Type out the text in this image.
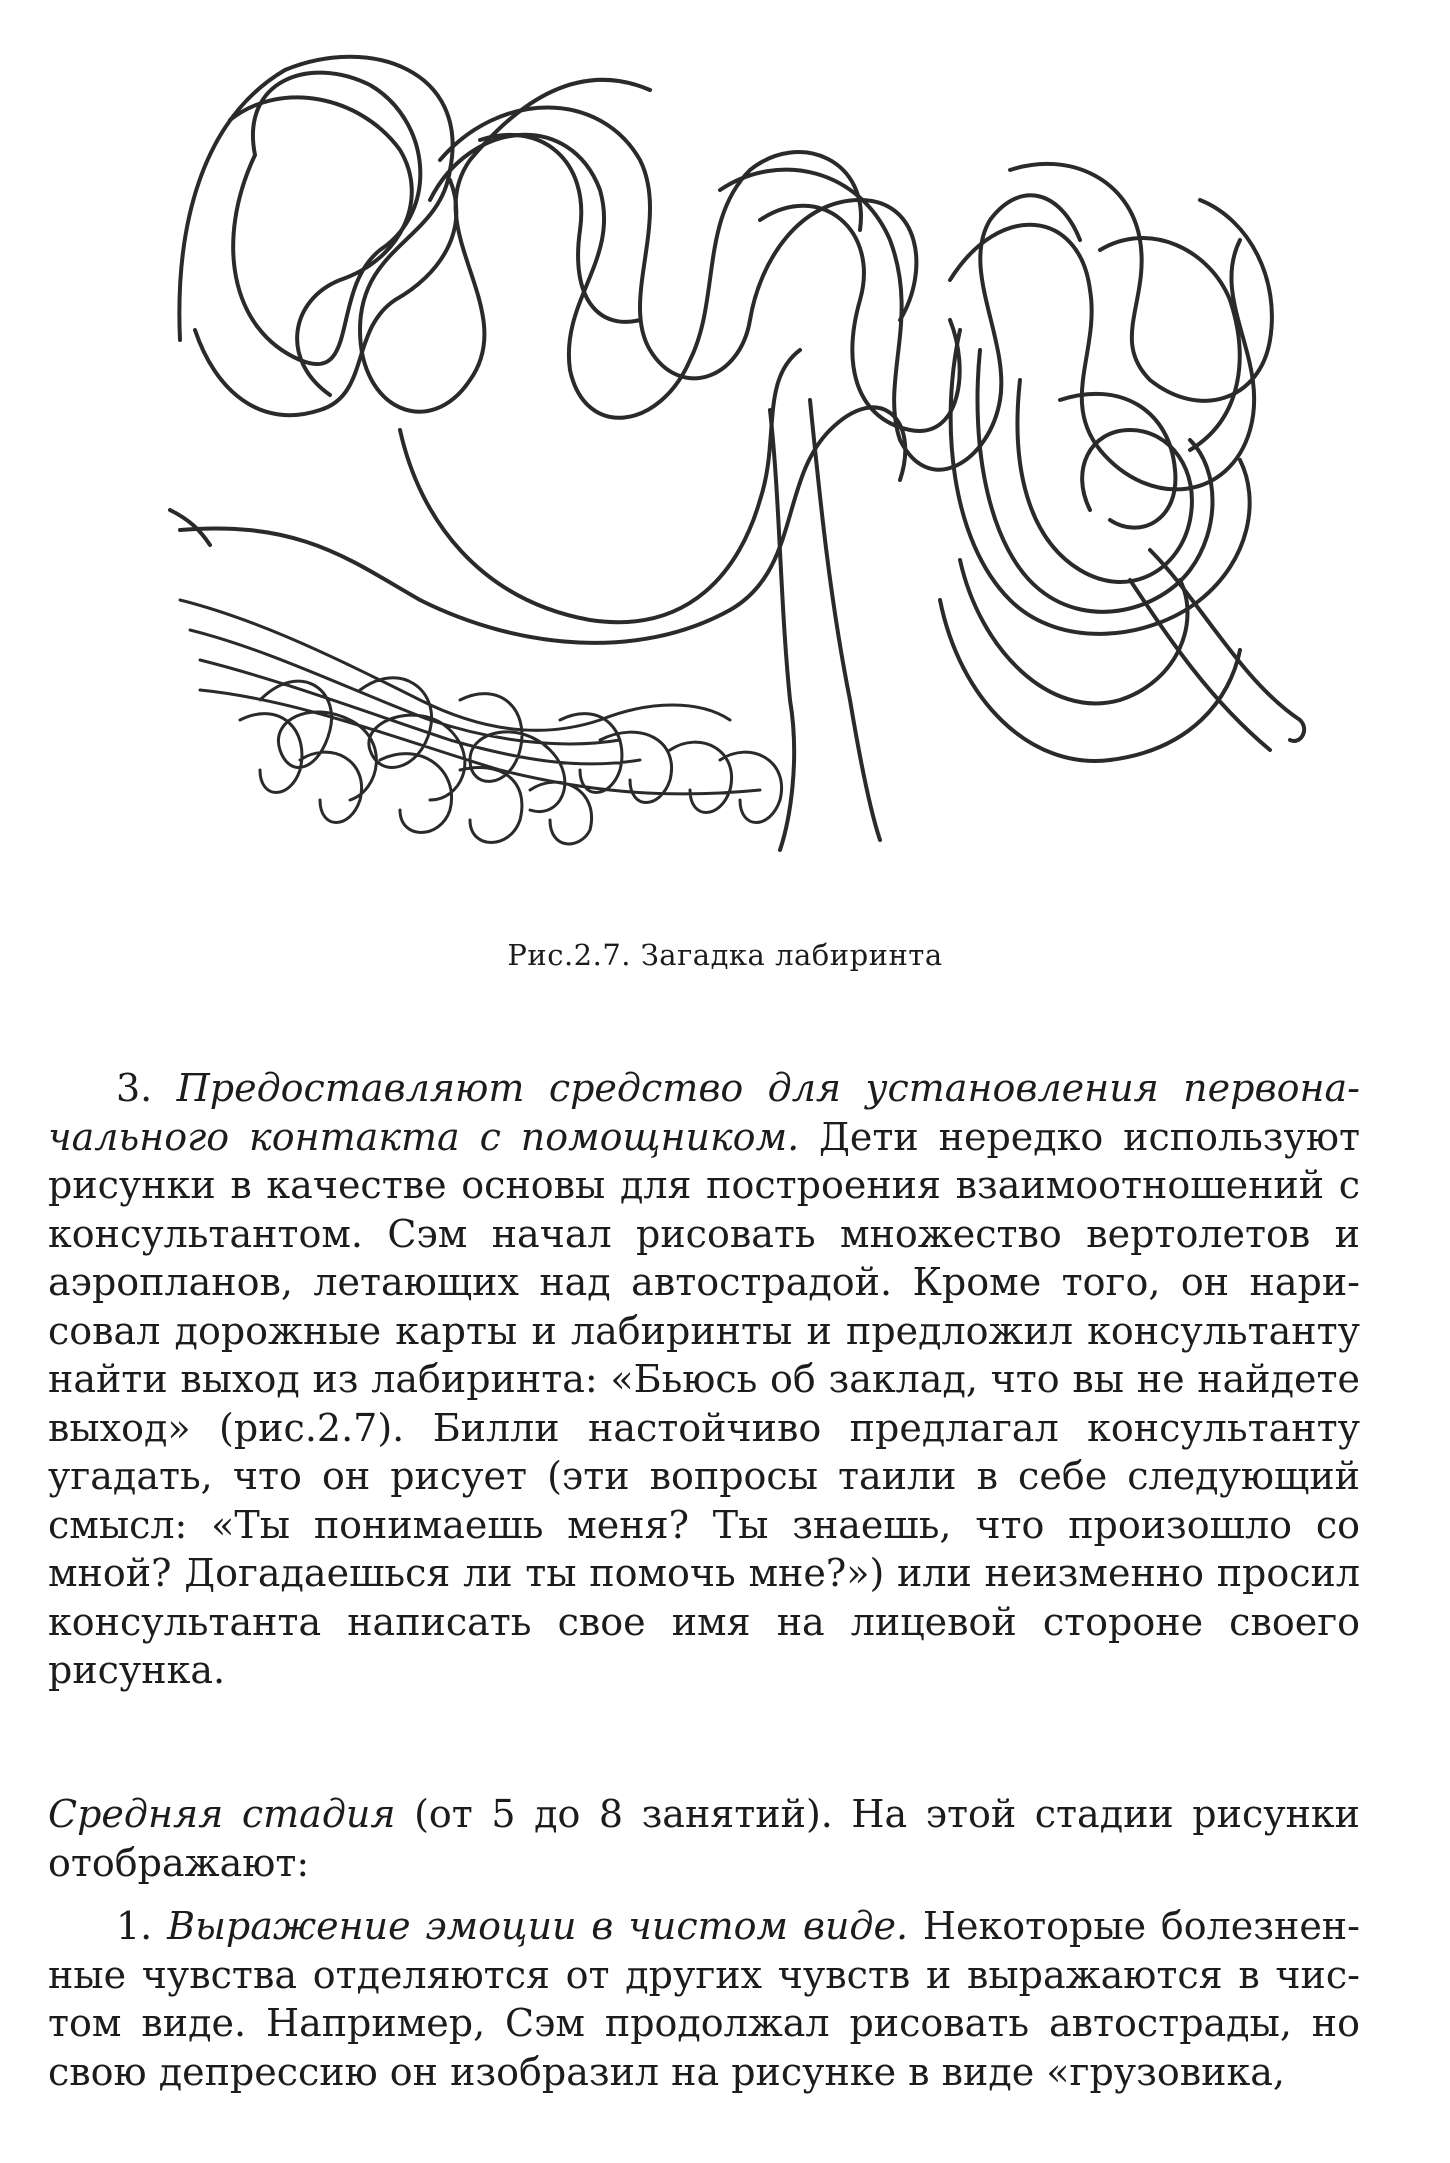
Рис.2.7. Загадка лабиринта
3. Предоставляют средство для установления первоначального контакта с помощником. Дети нередко используют рисунки в качестве основы для построения взаимоотношений с консультантом. Сэм начал рисовать множество вертолетов и аэропланов, летающих над автострадой. Кроме того, он нарисовал дорожные карты и лабиринты и предложил консультанту найти выход из лабиринта: «Бьюсь об заклад, что вы не найдете выход» (рис.2.7). Билли настойчиво предлагал консультанту угадать, что он рисует (эти вопросы таили в себе следующий смысл: «Ты понимаешь меня? Ты знаешь, что произошло со мной? Догадаешься ли ты помочь мне?») или неизменно просил консультанта написать свое имя на лицевой стороне своего рисунка.
Средняя стадия (от 5 до 8 занятий). На этой стадии рисунки отображают:
1. Выражение эмоции в чистом виде. Некоторые болезненные чувства отделяются от других чувств и выражаются в чистом виде. Например, Сэм продолжал рисовать автострады, но свою депрессию он изобразил на рисунке в виде «грузовика,
